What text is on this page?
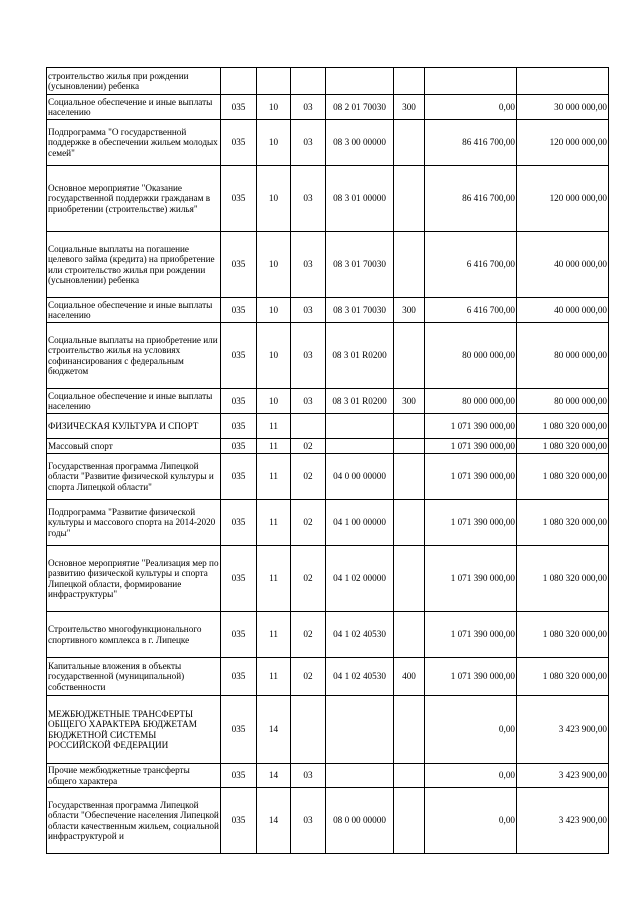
строительство жилья при рождении (усыновлении) ребенка							
Социальное обеспечение и иные выплаты населению	035	10	03	08 2 01 70030	300	0,00	30 000 000,00
Подпрограмма "О государственной поддержке в обеспечении жильем молодых семей"	035	10	03	08 3 00 00000		86 416 700,00	120 000 000,00
Основное мероприятие "Оказание государственной поддержки гражданам в приобретении (строительстве) жилья"	035	10	03	08 3 01 00000		86 416 700,00	120 000 000,00
Социальные выплаты на погашение целевого займа (кредита) на приобретение или строительство жилья при рождении (усыновлении) ребенка	035	10	03	08 3 01 70030		6 416 700,00	40 000 000,00
Социальное обеспечение и иные выплаты населению	035	10	03	08 3 01 70030	300	6 416 700,00	40 000 000,00
Социальные выплаты на приобретение или строительство жилья на условиях софинансирования с федеральным бюджетом	035	10	03	08 3 01 R0200		80 000 000,00	80 000 000,00
Социальное обеспечение и иные выплаты населению	035	10	03	08 3 01 R0200	300	80 000 000,00	80 000 000,00
ФИЗИЧЕСКАЯ КУЛЬТУРА И СПОРТ	035	11				1 071 390 000,00	1 080 320 000,00
Массовый спорт	035	11	02			1 071 390 000,00	1 080 320 000,00
Государственная программа Липецкой области "Развитие физической культуры и спорта Липецкой области"	035	11	02	04 0 00 00000		1 071 390 000,00	1 080 320 000,00
Подпрограмма "Развитие физической культуры и массового спорта на 2014-2020 годы"	035	11	02	04 1 00 00000		1 071 390 000,00	1 080 320 000,00
Основное мероприятие "Реализация мер по развитию физической культуры и спорта Липецкой области, формирование инфраструктуры"	035	11	02	04 1 02 00000		1 071 390 000,00	1 080 320 000,00
Строительство многофункционального спортивного комплекса в г. Липецке	035	11	02	04 1 02 40530		1 071 390 000,00	1 080 320 000,00
Капитальные вложения в объекты государственной (муниципальной) собственности	035	11	02	04 1 02 40530	400	1 071 390 000,00	1 080 320 000,00
МЕЖБЮДЖЕТНЫЕ ТРАНСФЕРТЫ ОБЩЕГО ХАРАКТЕРА БЮДЖЕТАМ БЮДЖЕТНОЙ СИСТЕМЫ РОССИЙСКОЙ ФЕДЕРАЦИИ	035	14				0,00	3 423 900,00
Прочие межбюджетные трансферты общего характера	035	14	03			0,00	3 423 900,00
Государственная программа Липецкой области "Обеспечение населения Липецкой области качественным жильем, социальной инфраструктурой и	035	14	03	08 0 00 00000		0,00	3 423 900,00
